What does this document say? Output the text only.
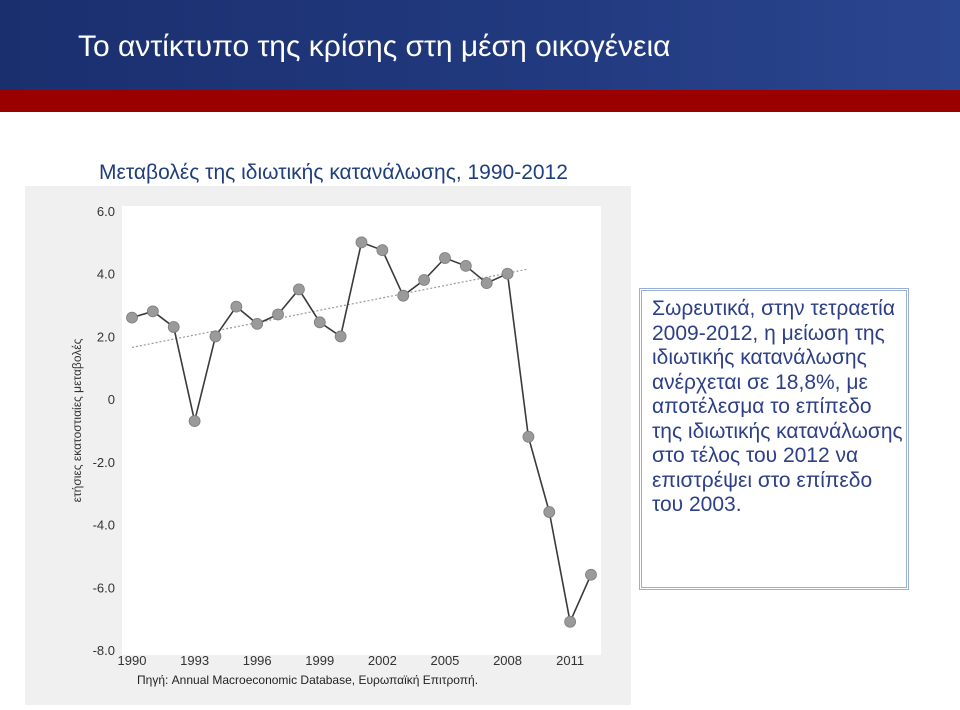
Το αντίκτυπο της κρίσης στη μέση οικογένεια
Μεταβολές της ιδιωτικής κατανάλωσης, 1990-2012
6.0
4.0
2.0
0
-2.0
-4.0
-6.0
-8.0
1990	1993	1996	1999	2002	2005	2008	2011
ετήσιες εκατοστιαίες μεταβολές
Πηγή: Annual Macroeconomic Database, Ευρωπαϊκή Επιτροπή.

Σωρευτικά, στην τετραετία 2009-2012, η μείωση της ιδιωτικής κατανάλωσης ανέρχεται σε 18,8%, με αποτέλεσμα το επίπεδο της ιδιωτικής κατανάλωσης στο τέλος του 2012 να επιστρέψει στο επίπεδο του 2003.
